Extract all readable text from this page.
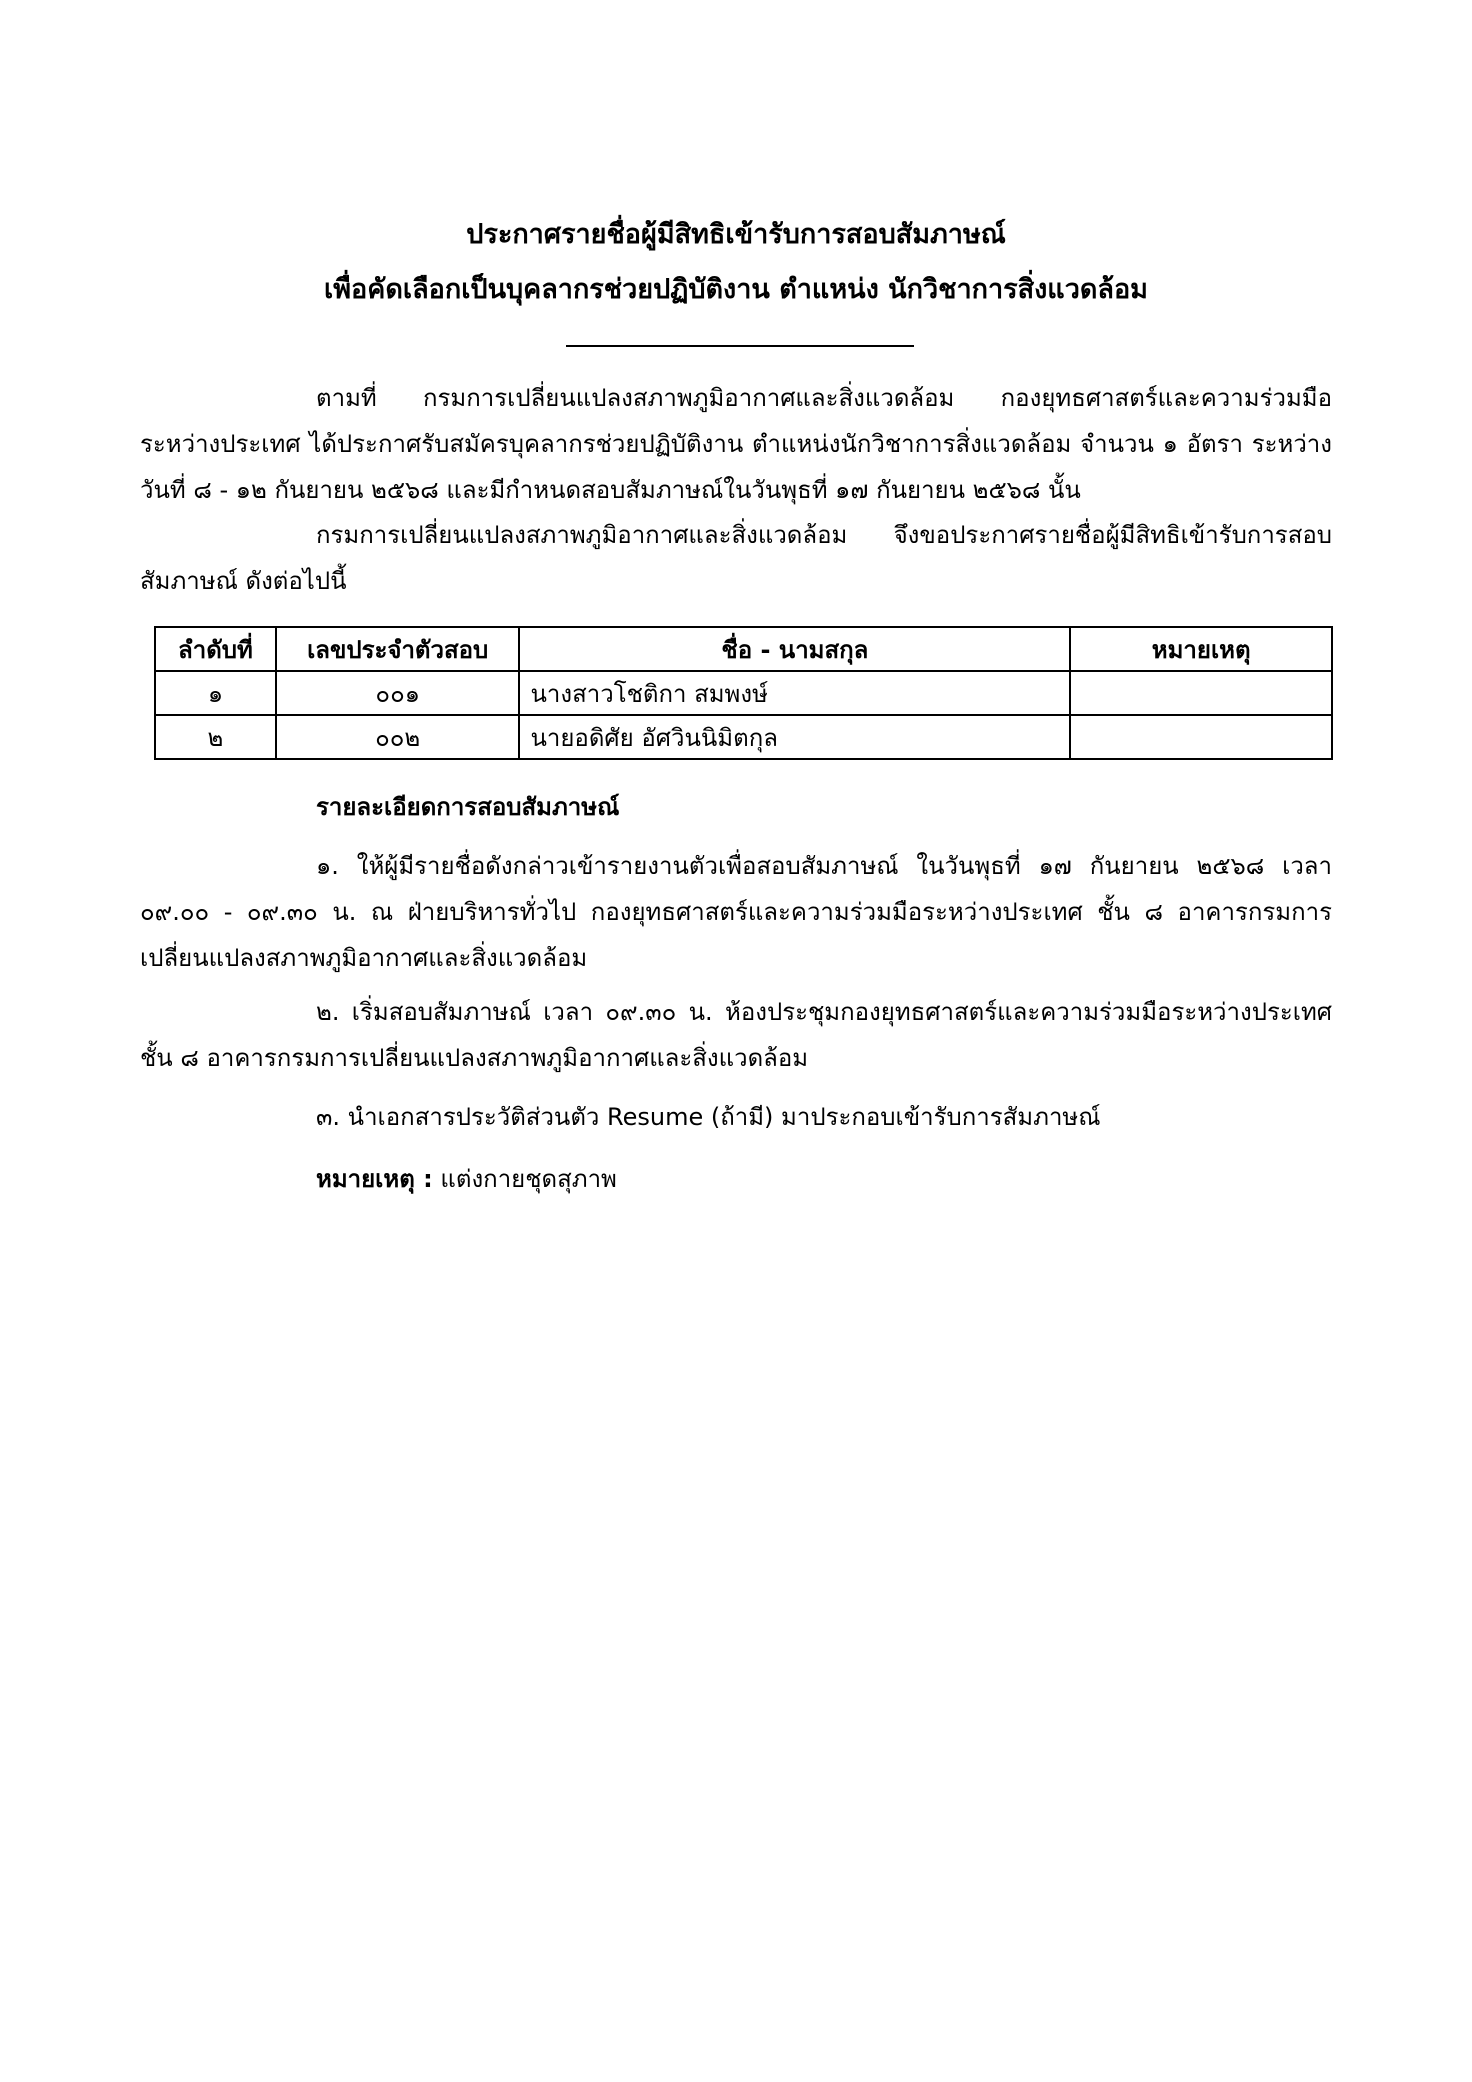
ประกาศรายชื่อผู้มีสิทธิเข้ารับการสอบสัมภาษณ์
เพื่อคัดเลือกเป็นบุคลากรช่วยปฏิบัติงาน ตำแหน่ง นักวิชาการสิ่งแวดล้อม
ตามที่ กรมการเปลี่ยนแปลงสภาพภูมิอากาศและสิ่งแวดล้อม กองยุทธศาสตร์และความร่วมมือระหว่างประเทศ ได้ประกาศรับสมัครบุคลากรช่วยปฏิบัติงาน ตำแหน่งนักวิชาการสิ่งแวดล้อม จำนวน ๑ อัตรา ระหว่างวันที่ ๘ - ๑๒ กันยายน ๒๕๖๘ และมีกำหนดสอบสัมภาษณ์ในวันพุธที่ ๑๗ กันยายน ๒๕๖๘ นั้น
กรมการเปลี่ยนแปลงสภาพภูมิอากาศและสิ่งแวดล้อม จึงขอประกาศรายชื่อผู้มีสิทธิเข้ารับการสอบสัมภาษณ์ ดังต่อไปนี้
ลำดับที่	เลขประจำตัวสอบ	ชื่อ - นามสกุล	หมายเหตุ
๑	๐๐๑	นางสาวโชติกา สมพงษ์	
๒	๐๐๒	นายอดิศัย อัศวินนิมิตกุล	
รายละเอียดการสอบสัมภาษณ์
๑. ให้ผู้มีรายชื่อดังกล่าวเข้ารายงานตัวเพื่อสอบสัมภาษณ์ ในวันพุธที่ ๑๗ กันยายน ๒๕๖๘ เวลา ๐๙.๐๐ - ๐๙.๓๐ น. ณ ฝ่ายบริหารทั่วไป กองยุทธศาสตร์และความร่วมมือระหว่างประเทศ ชั้น ๘ อาคารกรมการเปลี่ยนแปลงสภาพภูมิอากาศและสิ่งแวดล้อม
๒. เริ่มสอบสัมภาษณ์ เวลา ๐๙.๓๐ น. ห้องประชุมกองยุทธศาสตร์และความร่วมมือระหว่างประเทศ ชั้น ๘ อาคารกรมการเปลี่ยนแปลงสภาพภูมิอากาศและสิ่งแวดล้อม
๓. นำเอกสารประวัติส่วนตัว Resume (ถ้ามี) มาประกอบเข้ารับการสัมภาษณ์
หมายเหตุ : แต่งกายชุดสุภาพ
